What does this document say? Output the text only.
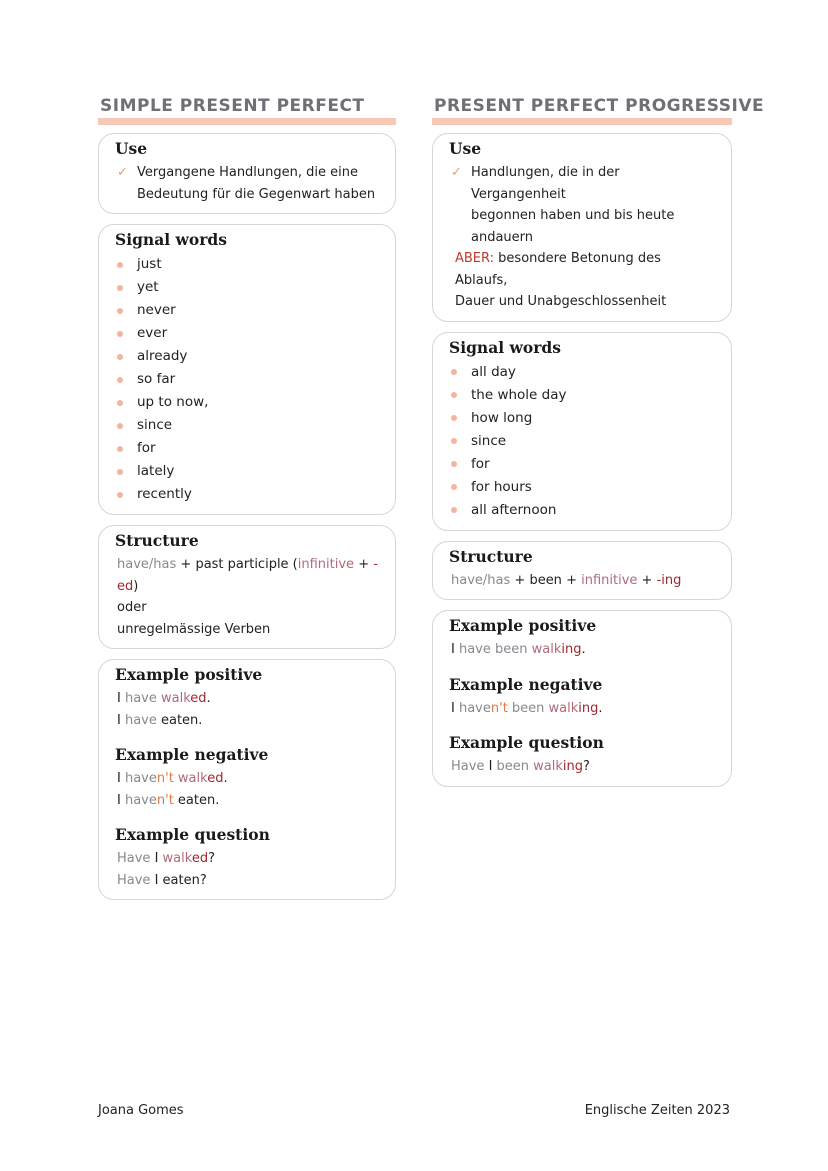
SIMPLE PRESENT PERFECT
Use
✓ Vergangene Handlungen, die eine
Bedeutung für die Gegenwart haben
Signal words
just
yet
never
ever
already
so far
up to now,
since
for
lately
recently
Structure
have/has + past participle (infinitive + -ed)
oder
unregelmässige Verben
Example positive
I have walked.
I have eaten.
Example negative
I haven't walked.
I haven't eaten.
Example question
Have I walked?
Have I eaten?
PRESENT PERFECT PROGRESSIVE
Use
✓ Handlungen, die in der Vergangenheit
begonnen haben und bis heute andauern
ABER: besondere Betonung des Ablaufs,
Dauer und Unabgeschlossenheit
Signal words
all day
the whole day
how long
since
for
for hours
all afternoon
Structure
have/has + been + infinitive + -ing
Example positive
I have been walking.
Example negative
I haven't been walking.
Example question
Have I been walking?
Joana Gomes	Englische Zeiten 2023
